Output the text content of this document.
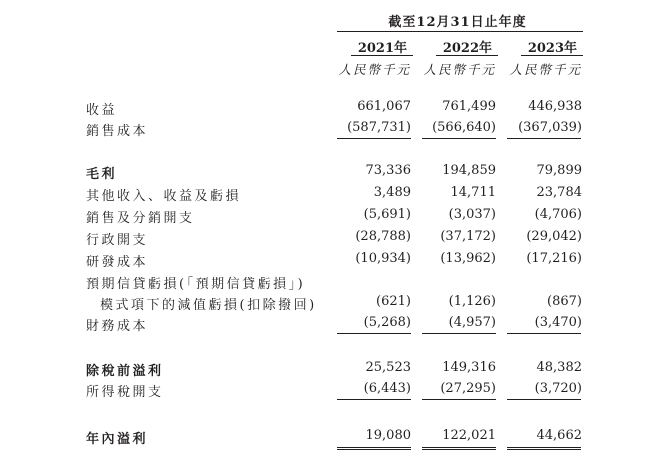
截至12月31日止年度
2021年	2022年	2023年
人民幣千元 人民幣千元	人民幣千元
收益	661,067	761,499	446,938
銷售成本	(587,731)	(566,640)	(367,039)
毛利	73,336	194,859	79,899
其他收入、收益及虧損	3,489	14,711	23,784
銷售及分銷開支	(5,691)	(3,037)	(4,706)
行政開支	(28,788)	(37,172)	(29,042)
研發成本	(10,934)	(13,962)	(17,216)
預期信貸虧損(「預期信貸虧損」)
模式項下的減值虧損(扣除撥回)	(621)	(1,126)	(867)
財務成本	(5,268)	(4,957)	(3,470)
除稅前溢利	25,523	149,316	48,382
所得稅開支	(6,443)	(27,295)	(3,720)
年內溢利	19,080	122,021	44,662
